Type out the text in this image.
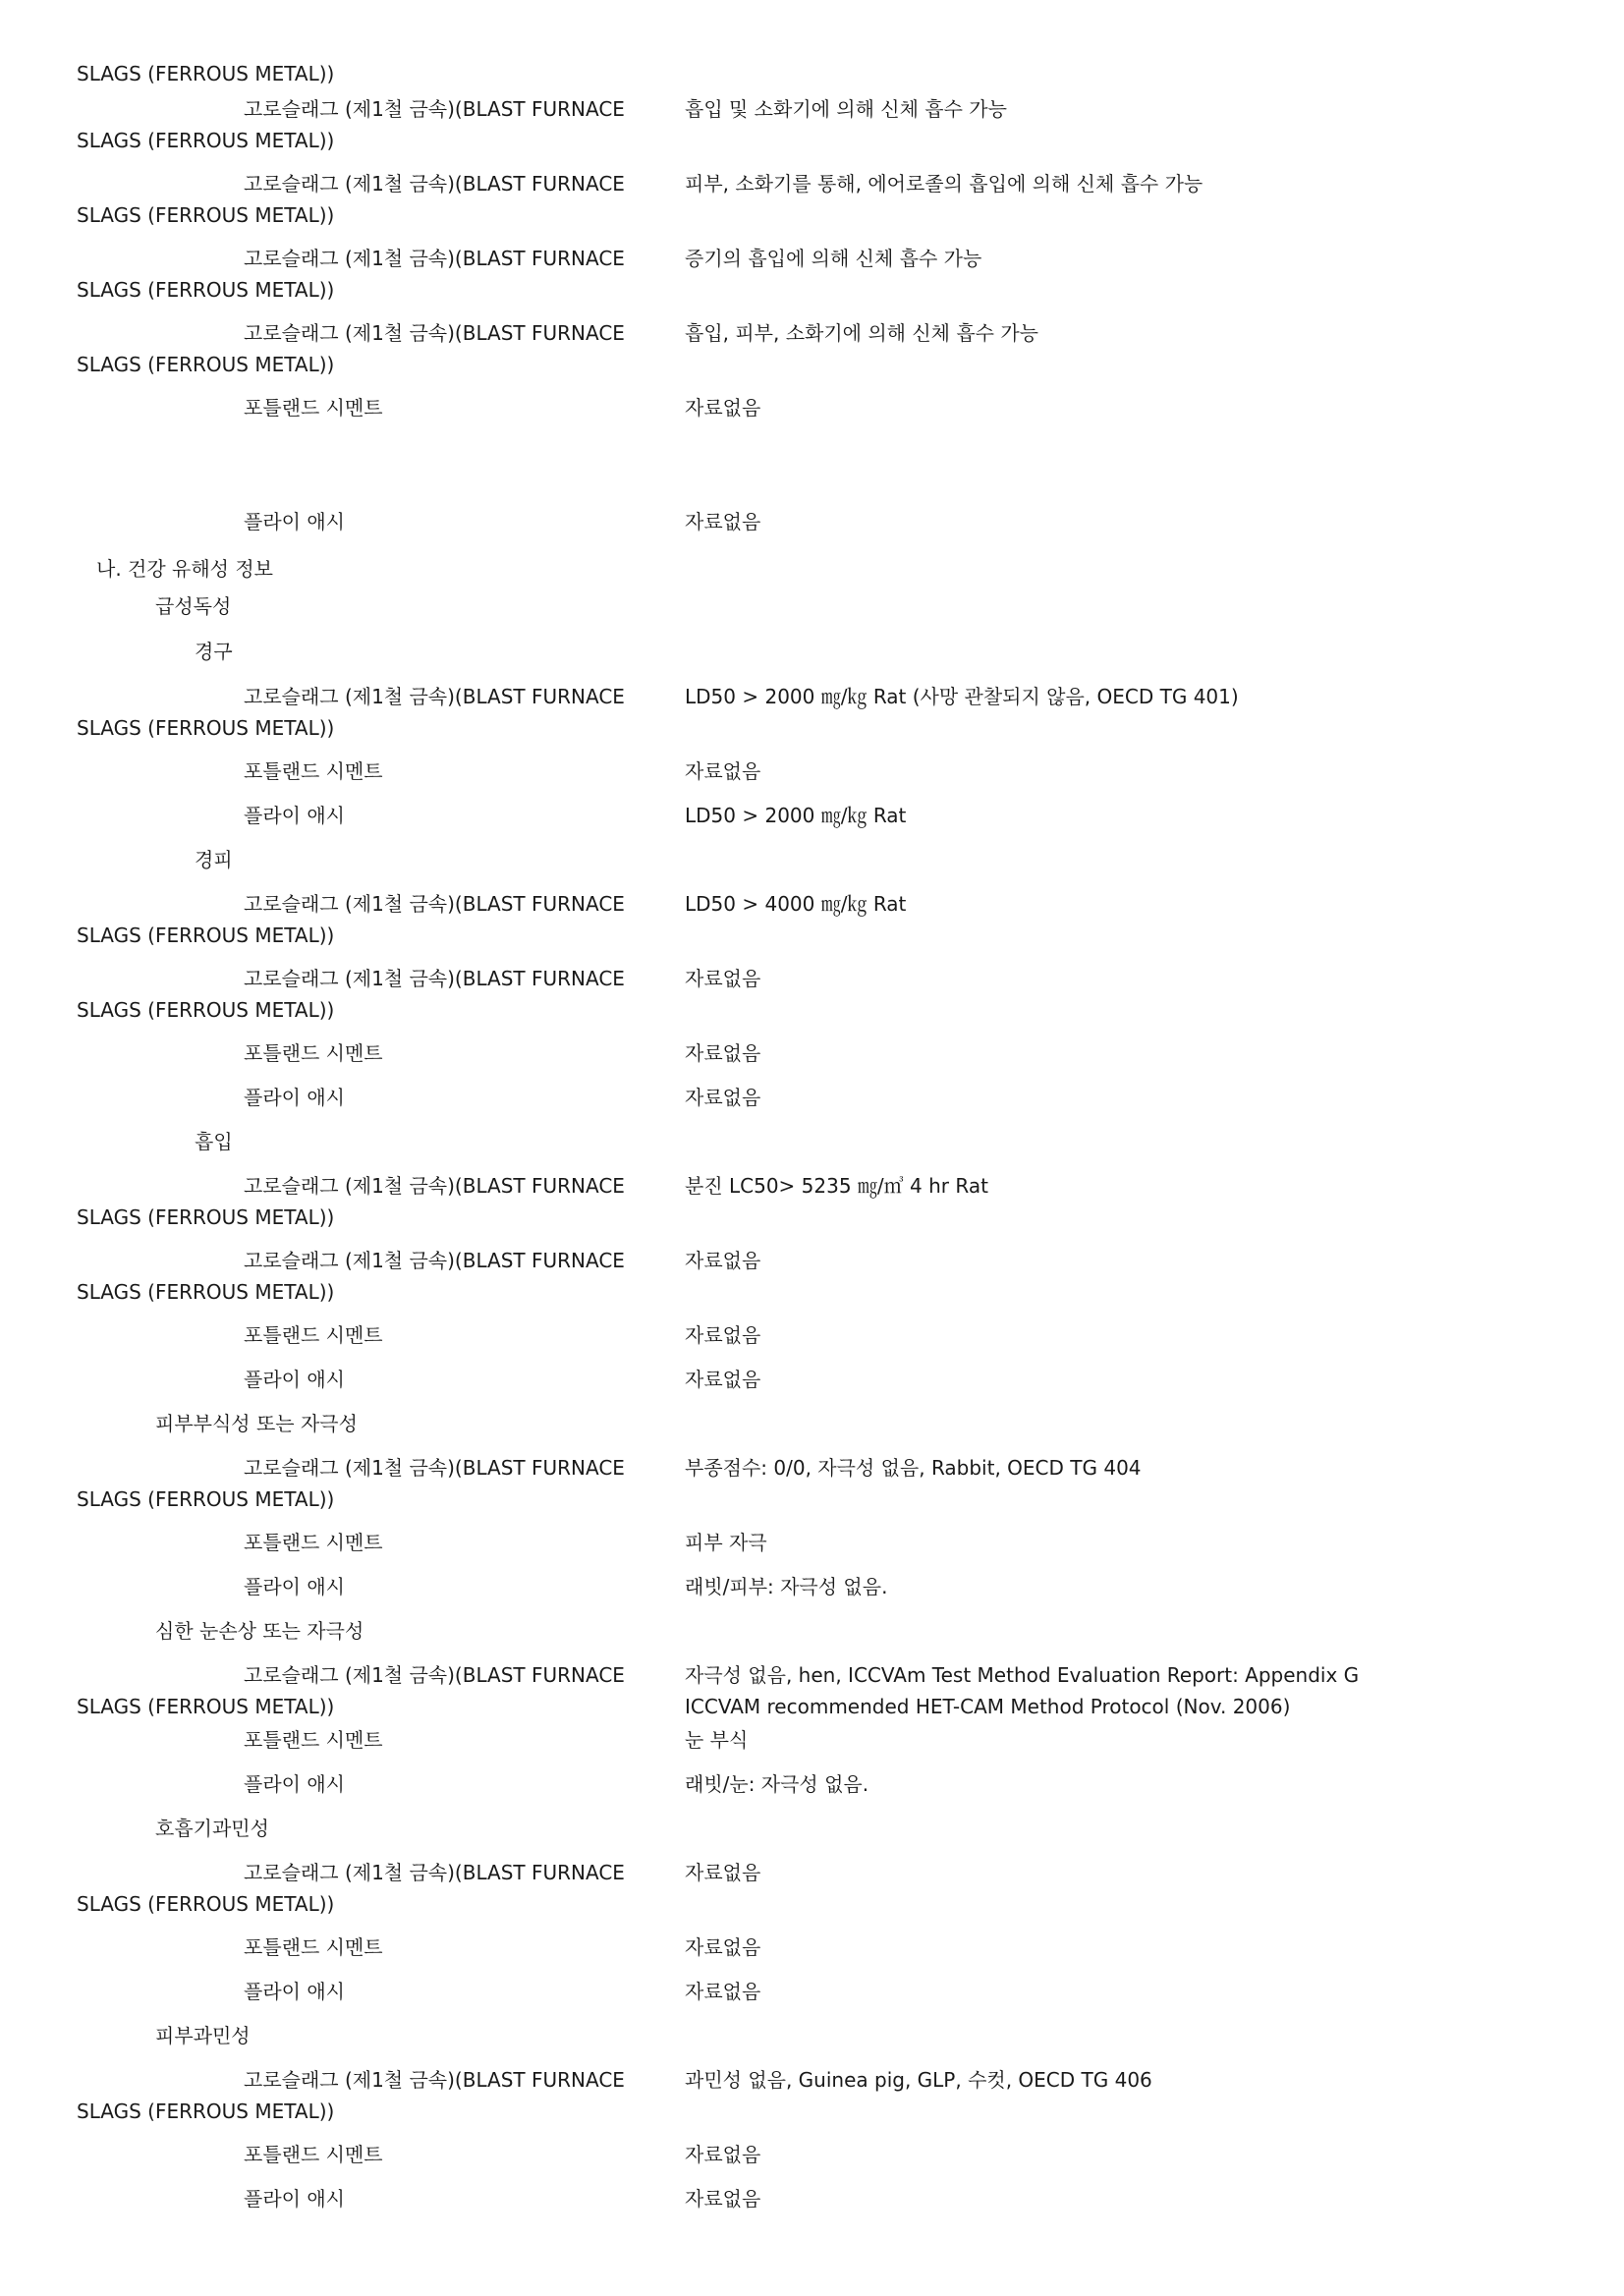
SLAGS (FERROUS METAL))
고로슬래그 (제1철 금속)(BLAST FURNACE	흡입 및 소화기에 의해 신체 흡수 가능
SLAGS (FERROUS METAL))
고로슬래그 (제1철 금속)(BLAST FURNACE	피부, 소화기를 통해, 에어로졸의 흡입에 의해 신체 흡수 가능
SLAGS (FERROUS METAL))
고로슬래그 (제1철 금속)(BLAST FURNACE	증기의 흡입에 의해 신체 흡수 가능
SLAGS (FERROUS METAL))
고로슬래그 (제1철 금속)(BLAST FURNACE	흡입, 피부, 소화기에 의해 신체 흡수 가능
SLAGS (FERROUS METAL))
포틀랜드 시멘트	자료없음
플라이 애시	자료없음
나. 건강 유해성 정보
급성독성
경구
고로슬래그 (제1철 금속)(BLAST FURNACE	LD50 > 2000 ㎎/㎏ Rat (사망 관찰되지 않음, OECD TG 401)
SLAGS (FERROUS METAL))
포틀랜드 시멘트	자료없음
플라이 애시	LD50 > 2000 ㎎/㎏ Rat
경피
고로슬래그 (제1철 금속)(BLAST FURNACE	LD50 > 4000 ㎎/㎏ Rat
SLAGS (FERROUS METAL))
고로슬래그 (제1철 금속)(BLAST FURNACE	자료없음
SLAGS (FERROUS METAL))
포틀랜드 시멘트	자료없음
플라이 애시	자료없음
흡입
고로슬래그 (제1철 금속)(BLAST FURNACE	분진 LC50> 5235 ㎎/㎥ 4 hr Rat
SLAGS (FERROUS METAL))
고로슬래그 (제1철 금속)(BLAST FURNACE	자료없음
SLAGS (FERROUS METAL))
포틀랜드 시멘트	자료없음
플라이 애시	자료없음
피부부식성 또는 자극성
고로슬래그 (제1철 금속)(BLAST FURNACE	부종점수: 0/0, 자극성 없음, Rabbit, OECD TG 404
SLAGS (FERROUS METAL))
포틀랜드 시멘트	피부 자극
플라이 애시	래빗/피부: 자극성 없음.
심한 눈손상 또는 자극성
고로슬래그 (제1철 금속)(BLAST FURNACE	자극성 없음, hen, ICCVAm Test Method Evaluation Report: Appendix G
SLAGS (FERROUS METAL))	ICCVAM recommended HET-CAM Method Protocol (Nov. 2006)
포틀랜드 시멘트	눈 부식
플라이 애시	래빗/눈: 자극성 없음.
호흡기과민성
고로슬래그 (제1철 금속)(BLAST FURNACE	자료없음
SLAGS (FERROUS METAL))
포틀랜드 시멘트	자료없음
플라이 애시	자료없음
피부과민성
고로슬래그 (제1철 금속)(BLAST FURNACE	과민성 없음, Guinea pig, GLP, 수컷, OECD TG 406
SLAGS (FERROUS METAL))
포틀랜드 시멘트	자료없음
플라이 애시	자료없음
